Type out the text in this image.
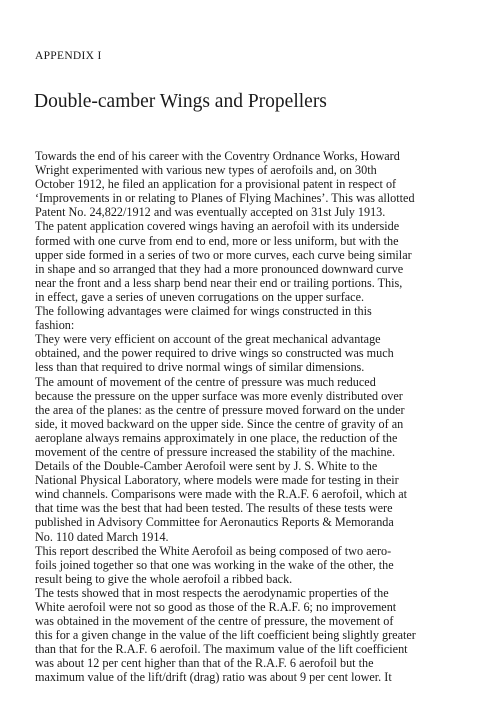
APPENDIX I
Double-camber Wings and Propellers
Towards the end of his career with the Coventry Ordnance Works, Howard
Wright experimented with various new types of aerofoils and, on 30th
October 1912, he filed an application for a provisional patent in respect of
‘Improvements in or relating to Planes of Flying Machines’. This was allotted
Patent No. 24,822/1912 and was eventually accepted on 31st July 1913.
The patent application covered wings having an aerofoil with its underside
formed with one curve from end to end, more or less uniform, but with the
upper side formed in a series of two or more curves, each curve being similar
in shape and so arranged that they had a more pronounced downward curve
near the front and a less sharp bend near their end or trailing portions. This,
in effect, gave a series of uneven corrugations on the upper surface.
The following advantages were claimed for wings constructed in this
fashion:
They were very efficient on account of the great mechanical advantage
obtained, and the power required to drive wings so constructed was much
less than that required to drive normal wings of similar dimensions.
The amount of movement of the centre of pressure was much reduced
because the pressure on the upper surface was more evenly distributed over
the area of the planes: as the centre of pressure moved forward on the under
side, it moved backward on the upper side. Since the centre of gravity of an
aeroplane always remains approximately in one place, the reduction of the
movement of the centre of pressure increased the stability of the machine.
Details of the Double-Camber Aerofoil were sent by J. S. White to the
National Physical Laboratory, where models were made for testing in their
wind channels. Comparisons were made with the R.A.F. 6 aerofoil, which at
that time was the best that had been tested. The results of these tests were
published in Advisory Committee for Aeronautics Reports & Memoranda
No. 110 dated March 1914.
This report described the White Aerofoil as being composed of two aero-
foils joined together so that one was working in the wake of the other, the
result being to give the whole aerofoil a ribbed back.
The tests showed that in most respects the aerodynamic properties of the
White aerofoil were not so good as those of the R.A.F. 6; no improvement
was obtained in the movement of the centre of pressure, the movement of
this for a given change in the value of the lift coefficient being slightly greater
than that for the R.A.F. 6 aerofoil. The maximum value of the lift coefficient
was about 12 per cent higher than that of the R.A.F. 6 aerofoil but the
maximum value of the lift/drift (drag) ratio was about 9 per cent lower. It
